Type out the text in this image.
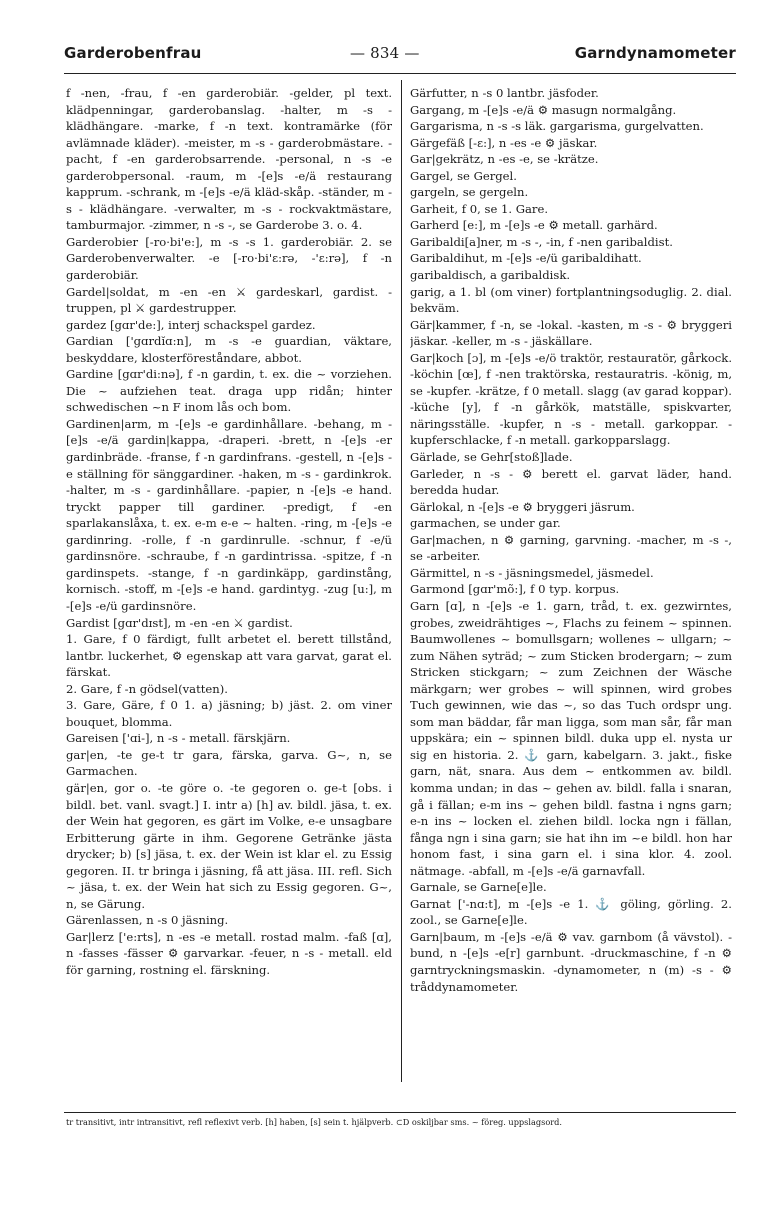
Garderobenfrau	— 834 —	Garndynamometer

f -nen, -frau, f -en garderobiär. -gelder, pl text. klädpenningar, garderobanslag. -halter, m -s - klädhängare. -marke, f -n text. kontramärke (för avlämnade kläder). -meister, m -s - garderobmästare. -pacht, f -en garderobsarrende. -personal, n -s -e garderobpersonal. -raum, m -[e]s -e/ä restaurang kapprum. -schrank, m -[e]s -e/ä kläd-skåp. -ständer, m -s - klädhängare. -verwalter, m -s - rockvaktmästare, tamburmajor. -zimmer, n -s -, se Garderobe 3. o. 4.

Garderobier [-ro·bi'e:], m -s -s 1. garderobiär. 2. se Garderobenverwalter. -e [-ro·bi'ε:rə, -'ε:rə], f -n garderobiär.

Gardel|soldat, m -en -en ⚔ gardeskarl, gardist. -truppen, pl ⚔ gardestrupper.

gardez [gɑr'de:], interj schackspel gardez.

Gardian ['gɑrdĭɑ:n], m -s -e guardian, väktare, beskyddare, klosterföreståndare, abbot.

Gardine [gɑr'di:nə], f -n gardin, t. ex. die ~ vorziehen. Die ~ aufziehen teat. draga upp ridån; hinter schwedischen ~n F inom lås och bom.

Gardinen|arm, m -[e]s -e gardinhållare. -behang, m -[e]s -e/ä gardin|kappa, -draperi. -brett, n -[e]s -er gardinbräde. -franse, f -n gardinfrans. -gestell, n -[e]s -e ställning för sänggardiner. -haken, m -s - gardinkrok. -halter, m -s - gardinhållare. -papier, n -[e]s -e hand. tryckt papper till gardiner. -predigt, f -en sparlakanslåxa, t. ex. e-m e-e ~ halten. -ring, m -[e]s -e gardinring. -rolle, f -n gardinrulle. -schnur, f -e/ü gardinsnöre. -schraube, f -n gardintrissa. -spitze, f -n gardinspets. -stange, f -n gardinkäpp, gardinstång, kornisch. -stoff, m -[e]s -e hand. gardintyg. -zug [u:], m -[e]s -e/ü gardinsnöre.

Gardist [gɑr'dɪst], m -en -en ⚔ gardist.

1. Gare, f 0 färdigt, fullt arbetet el. berett tillstånd, lantbr. luckerhet, ⚙ egenskap att vara garvat, garat el. färskat.

2. Gare, f -n gödsel(vatten).

3. Gare, Gäre, f 0 1. a) jäsning; b) jäst. 2. om viner bouquet, blomma.

Gareisen ['ɑi-], n -s - metall. färskjärn.

gar|en, -te ge-t tr gara, färska, garva. G~, n, se Garmachen.

gär|en, gor o. -te göre o. -te gegoren o. ge-t [obs. i bildl. bet. vanl. svagt.] I. intr a) [h] av. bildl. jäsa, t. ex. der Wein hat gegoren, es gärt im Volke, e-e unsagbare Erbitterung gärte in ihm. Gegorene Getränke jästa drycker; b) [s] jäsa, t. ex. der Wein ist klar el. zu Essig gegoren. II. tr bringa i jäsning, få att jäsa. III. refl. Sich ~ jäsa, t. ex. der Wein hat sich zu Essig gegoren. G~, n, se Gärung.

Gärenlassen, n -s 0 jäsning.

Gar|lerz ['e:rts], n -es -e metall. rostad malm. -faß [ɑ], n -fasses -fässer ⚙ garvarkar. -feuer, n -s - metall. eld för garning, rostning el. färskning.

Gärfutter, n -s 0 lantbr. jäsfoder.

Gargang, m -[e]s -e/ä ⚙ masugn normalgång.

Gargarisma, n -s -s läk. gargarisma, gurgelvatten.

Gärgefäß [-ε:], n -es -e ⚙ jäskar.

Gar|gekrätz, n -es -e, se -krätze.

Gargel, se Gergel.

gargeln, se gergeln.

Garheit, f 0, se 1. Gare.

Garherd [e:], m -[e]s -e ⚙ metall. garhärd.

Garibaldi[a]ner, m -s -, -in, f -nen garibaldist.

Garibaldihut, m -[e]s -e/ü garibaldihatt.

garibaldisch, a garibaldisk.

garig, a 1. bl (om viner) fortplantningsoduglig. 2. dial. bekväm.

Gär|kammer, f -n, se -lokal. -kasten, m -s - ⚙ bryggeri jäskar. -keller, m -s - jäskällare.

Gar|koch [ɔ], m -[e]s -e/ö traktör, restauratör, gårkock. -köchin [œ], f -nen traktörska, restauratris. -könig, m, se -kupfer. -krätze, f 0 metall. slagg (av garad koppar). -küche [y], f -n gårkök, matställe, spiskvarter, näringsställe. -kupfer, n -s - metall. garkoppar. -kupferschlacke, f -n metall. garkopparslagg.

Gärlade, se Gehr[stoß]lade.

Garleder, n -s - ⚙ berett el. garvat läder, hand. beredda hudar.

Gärlokal, n -[e]s -e ⚙ bryggeri jäsrum.

garmachen, se under gar.

Gar|machen, n ⚙ garning, garvning. -macher, m -s -, se -arbeiter.

Gärmittel, n -s - jäsningsmedel, jäsmedel.

Garmond [gɑr'mõ:], f 0 typ. korpus.

Garn [ɑ], n -[e]s -e 1. garn, tråd, t. ex. gezwirntes, grobes, zweidrähtiges ~, Flachs zu feinem ~ spinnen. Baumwollenes ~ bomullsgarn; wollenes ~ ullgarn; ~ zum Nähen syträd; ~ zum Sticken brodergarn; ~ zum Stricken stickgarn; ~ zum Zeichnen der Wäsche märkgarn; wer grobes ~ will spinnen, wird grobes Tuch gewinnen, wie das ~, so das Tuch ordspr ung. som man bäddar, får man ligga, som man sår, får man uppskära; ein ~ spinnen bildl. duka upp el. nysta ur sig en historia. 2. ⚓ garn, kabelgarn. 3. jakt., fiske garn, nät, snara. Aus dem ~ entkommen av. bildl. komma undan; in das ~ gehen av. bildl. falla i snaran, gå i fällan; e-m ins ~ gehen bildl. fastna i ngns garn; e-n ins ~ locken el. ziehen bildl. locka ngn i fällan, fånga ngn i sina garn; sie hat ihn im ~e bildl. hon har honom fast, i sina garn el. i sina klor. 4. zool. nätmage. -abfall, m -[e]s -e/ä garnavfall.

Garnale, se Garne[e]le.

Garnat ['-nɑ:t], m -[e]s -e 1. ⚓ göling, görling. 2. zool., se Garne[e]le.

Garn|baum, m -[e]s -e/ä ⚙ vav. garnbom (å vävstol). -bund, n -[e]s -e[r] garnbunt. -druckmaschine, f -n ⚙ garntryckningsmaskin. -dynamometer, n (m) -s - ⚙ tråddynamometer.

tr transitivt, intr intransitivt, refl reflexivt verb. [h] haben, [s] sein t. hjälpverb. ⊂D oskiljbar sms. ~ föreg. uppslagsord.
